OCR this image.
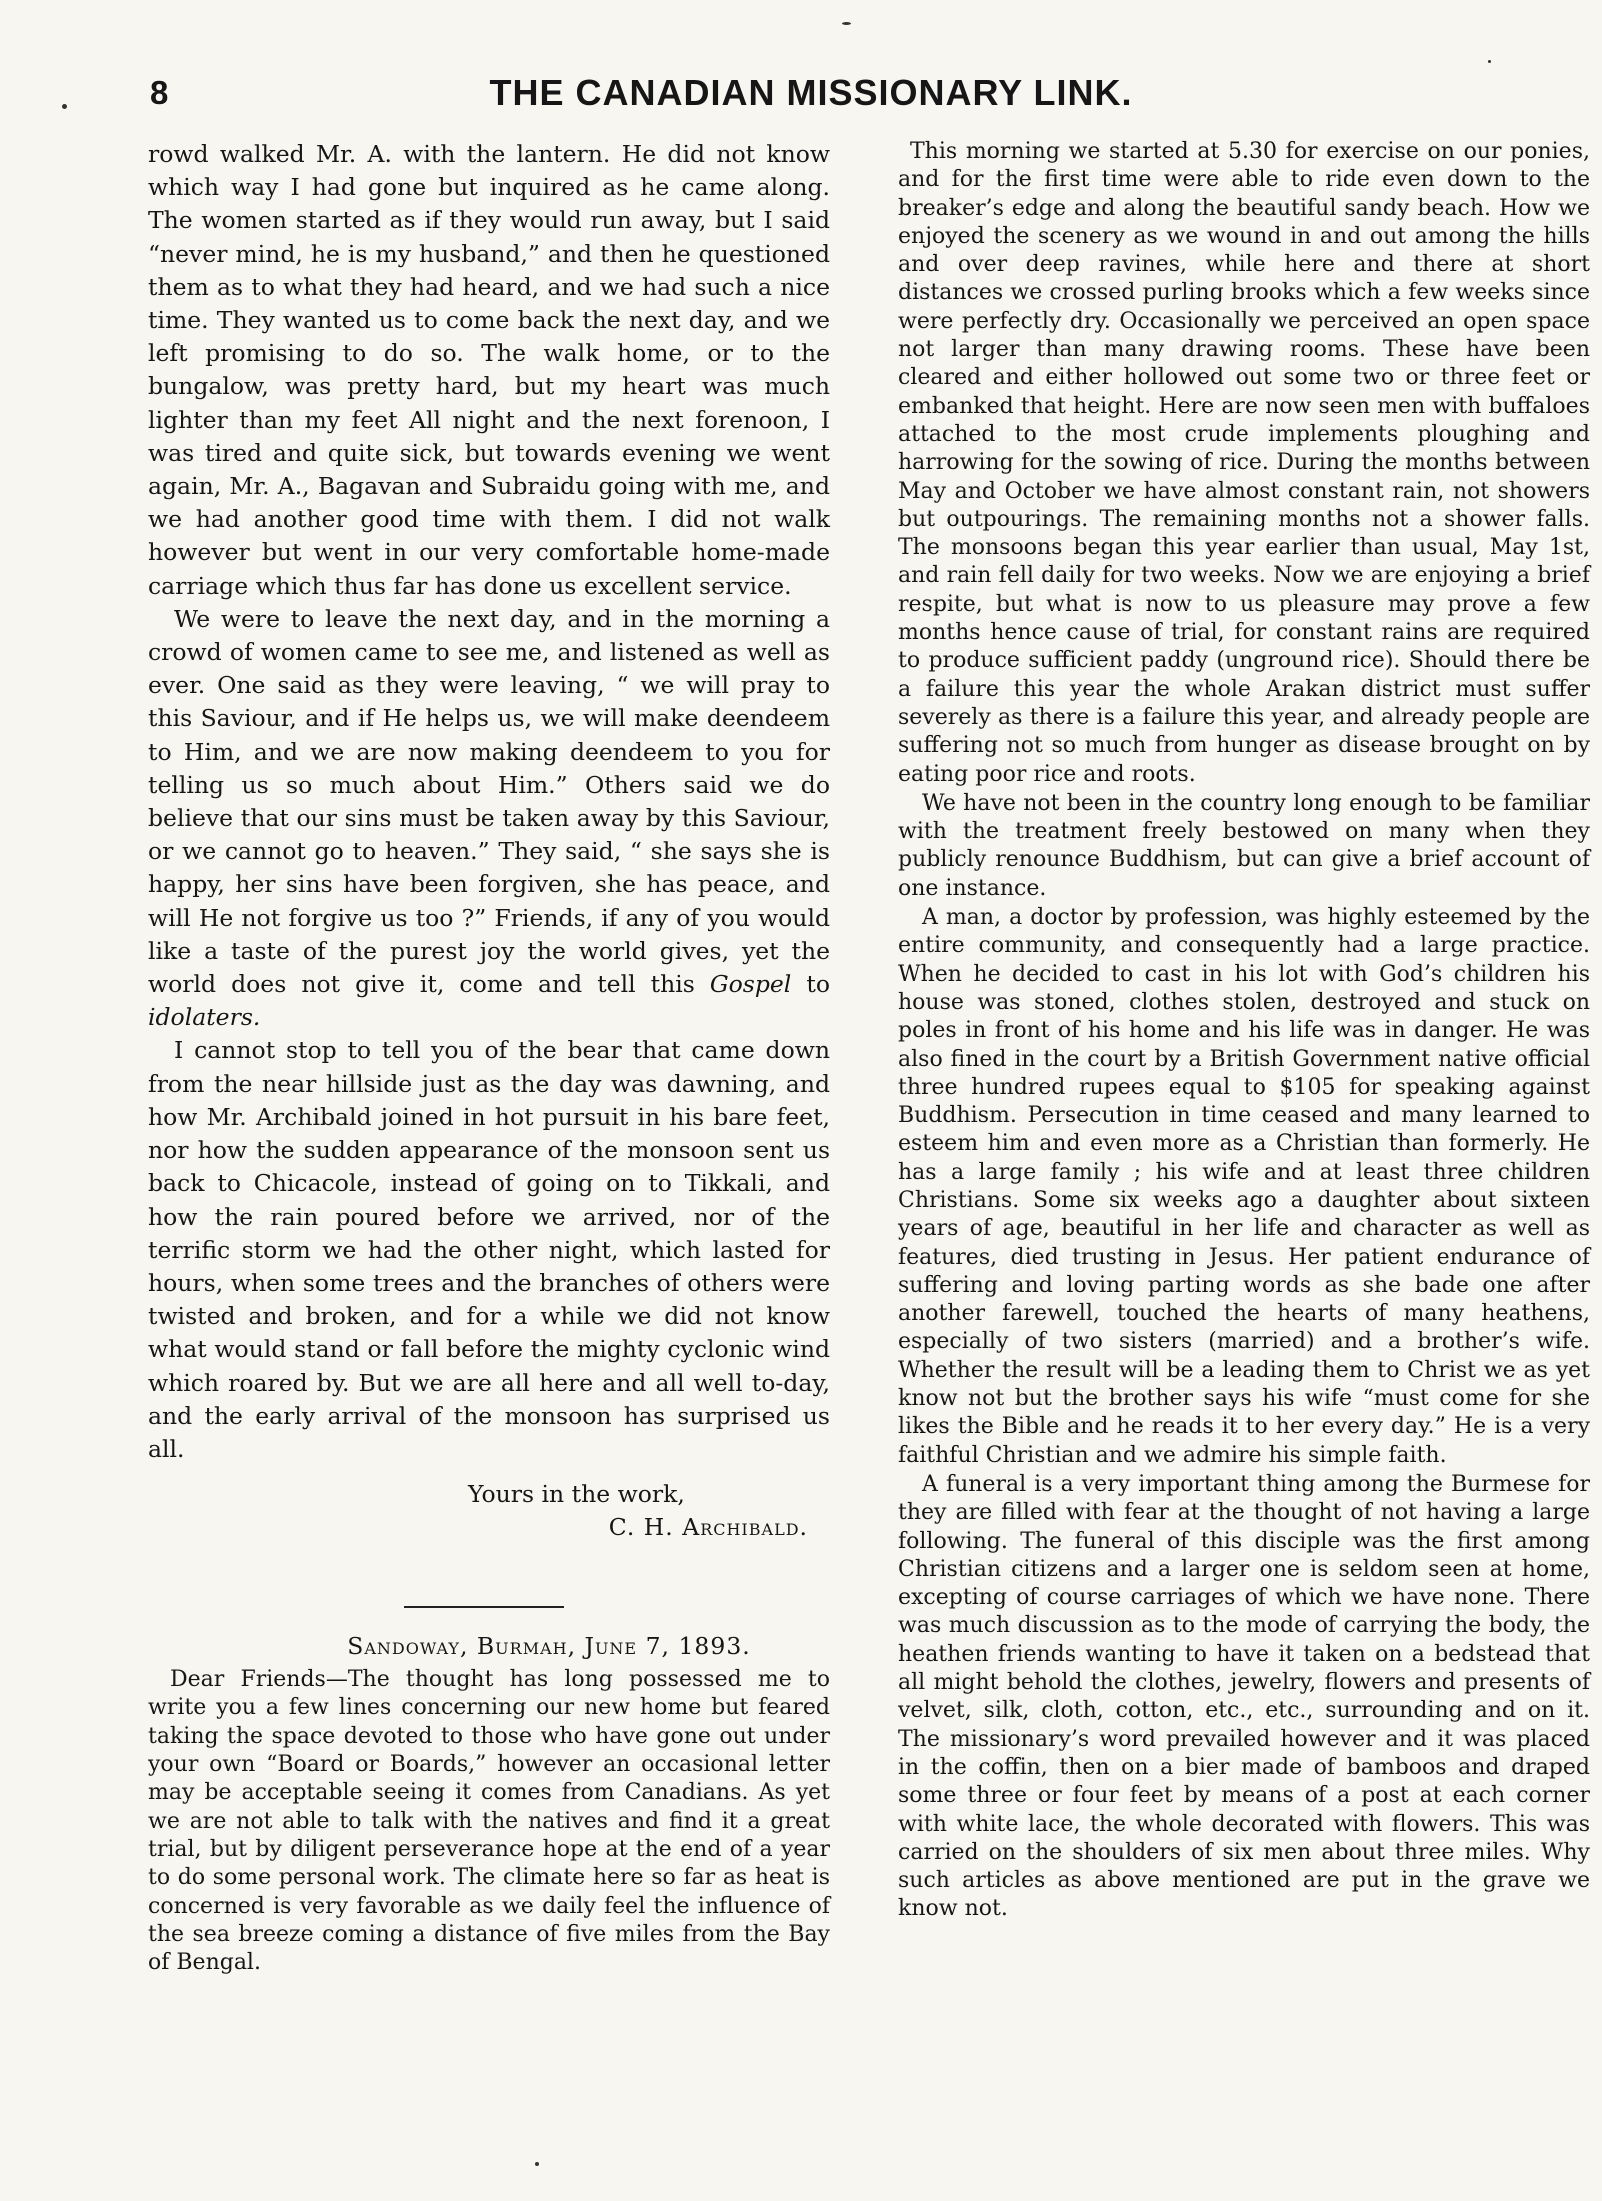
8	THE CANADIAN MISSIONARY LINK.

rowd walked Mr. A. with the lantern. He did not know which way I had gone but inquired as he came along. The women started as if they would run away, but I said “never mind, he is my husband,” and then he questioned them as to what they had heard, and we had such a nice time. They wanted us to come back the next day, and we left promising to do so. The walk home, or to the bungalow, was pretty hard, but my heart was much lighter than my feet All night and the next forenoon, I was tired and quite sick, but towards evening we went again, Mr. A., Bagavan and Subraidu going with me, and we had another good time with them. I did not walk however but went in our very comfortable home-made carriage which thus far has done us excellent service.

We were to leave the next day, and in the morning a crowd of women came to see me, and listened as well as ever. One said as they were leaving, “ we will pray to this Saviour, and if He helps us, we will make deendeem to Him, and we are now making deendeem to you for telling us so much about Him.” Others said we do believe that our sins must be taken away by this Saviour, or we cannot go to heaven.” They said, “ she says she is happy, her sins have been forgiven, she has peace, and will He not forgive us too ?” Friends, if any of you would like a taste of the purest joy the world gives, yet the world does not give it, come and tell this Gospel to idolaters.

I cannot stop to tell you of the bear that came down from the near hillside just as the day was dawning, and how Mr. Archibald joined in hot pursuit in his bare feet, nor how the sudden appearance of the monsoon sent us back to Chicacole, instead of going on to Tikkali, and how the rain poured before we arrived, nor of the terrific storm we had the other night, which lasted for hours, when some trees and the branches of others were twisted and broken, and for a while we did not know what would stand or fall before the mighty cyclonic wind which roared by. But we are all here and all well to-day, and the early arrival of the monsoon has surprised us all.

Yours in the work,
C. H. Archibald.
Sandoway, Burmah, June 7, 1893.

Dear Friends—The thought has long possessed me to write you a few lines concerning our new home but feared taking the space devoted to those who have gone out under your own “Board or Boards,” however an occasional letter may be acceptable seeing it comes from Canadians. As yet we are not able to talk with the natives and find it a great trial, but by diligent perseverance hope at the end of a year to do some personal work. The climate here so far as heat is concerned is very favorable as we daily feel the influence of the sea breeze coming a distance of five miles from the Bay of Bengal.

This morning we started at 5.30 for exercise on our ponies, and for the first time were able to ride even down to the breaker’s edge and along the beautiful sandy beach. How we enjoyed the scenery as we wound in and out among the hills and over deep ravines, while here and there at short distances we crossed purling brooks which a few weeks since were perfectly dry. Occasionally we perceived an open space not larger than many drawing rooms. These have been cleared and either hollowed out some two or three feet or embanked that height. Here are now seen men with buffaloes attached to the most crude implements ploughing and harrowing for the sowing of rice. During the months between May and October we have almost constant rain, not showers but outpourings. The remaining months not a shower falls. The monsoons began this year earlier than usual, May 1st, and rain fell daily for two weeks. Now we are enjoying a brief respite, but what is now to us pleasure may prove a few months hence cause of trial, for constant rains are required to produce sufficient paddy (unground rice). Should there be a failure this year the whole Arakan district must suffer severely as there is a failure this year, and already people are suffering not so much from hunger as disease brought on by eating poor rice and roots.

We have not been in the country long enough to be familiar with the treatment freely bestowed on many when they publicly renounce Buddhism, but can give a brief account of one instance.

A man, a doctor by profession, was highly esteemed by the entire community, and consequently had a large practice. When he decided to cast in his lot with God’s children his house was stoned, clothes stolen, destroyed and stuck on poles in front of his home and his life was in danger. He was also fined in the court by a British Government native official three hundred rupees equal to $105 for speaking against Buddhism. Persecution in time ceased and many learned to esteem him and even more as a Christian than formerly. He has a large family ; his wife and at least three children Christians. Some six weeks ago a daughter about sixteen years of age, beautiful in her life and character as well as features, died trusting in Jesus. Her patient endurance of suffering and loving parting words as she bade one after another farewell, touched the hearts of many heathens, especially of two sisters (married) and a brother’s wife. Whether the result will be a leading them to Christ we as yet know not but the brother says his wife “must come for she likes the Bible and he reads it to her every day.” He is a very faithful Christian and we admire his simple faith.

A funeral is a very important thing among the Burmese for they are filled with fear at the thought of not having a large following. The funeral of this disciple was the first among Christian citizens and a larger one is seldom seen at home, excepting of course carriages of which we have none. There was much discussion as to the mode of carrying the body, the heathen friends wanting to have it taken on a bedstead that all might behold the clothes, jewelry, flowers and presents of velvet, silk, cloth, cotton, etc., etc., surrounding and on it. The missionary’s word prevailed however and it was placed in the coffin, then on a bier made of bamboos and draped some three or four feet by means of a post at each corner with white lace, the whole decorated with flowers. This was carried on the shoulders of six men about three miles. Why such articles as above mentioned are put in the grave we know not.
